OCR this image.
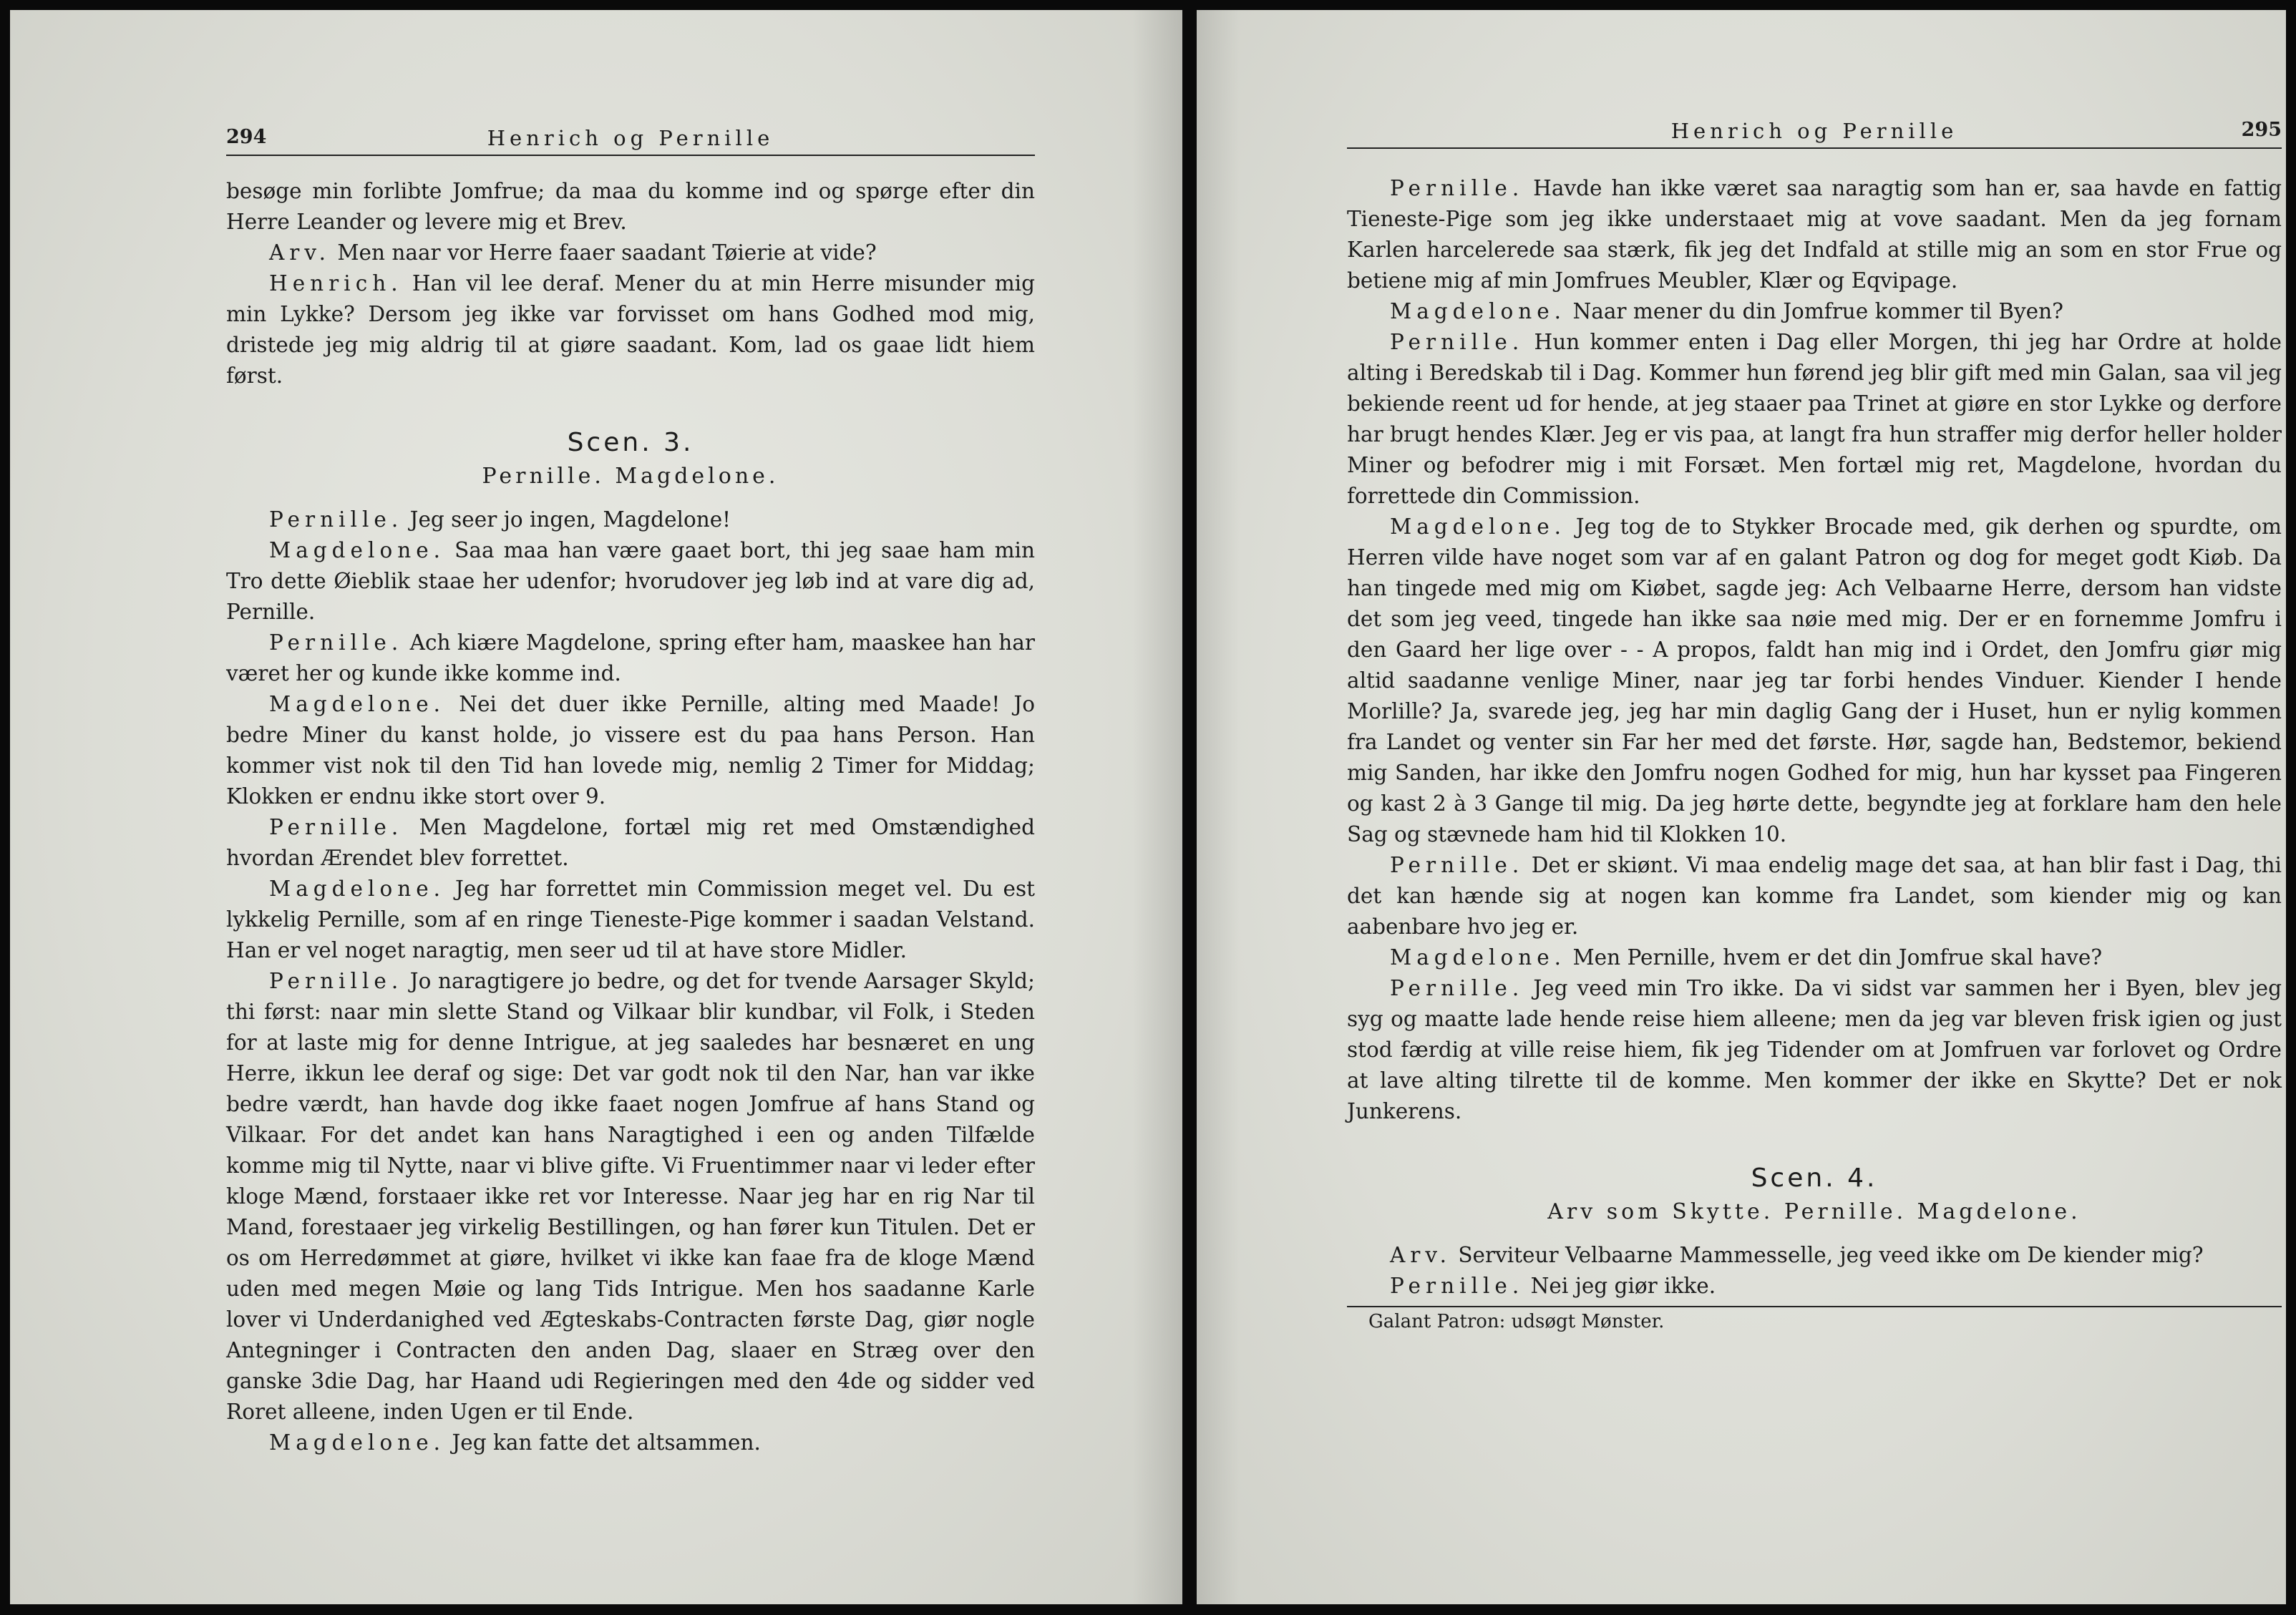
294	Henrich og Pernille

besøge min forlibte Jomfrue; da maa du komme ind og spørge efter din Herre Leander og levere mig et Brev.

Arv. Men naar vor Herre faaer saadant Tøierie at vide?

Henrich. Han vil lee deraf. Mener du at min Herre misunder mig min Lykke? Dersom jeg ikke var forvisset om hans Godhed mod mig, dristede jeg mig aldrig til at giøre saadant. Kom, lad os gaae lidt hiem først.

Scen. 3.
Pernille. Magdelone.

Pernille. Jeg seer jo ingen, Magdelone!

Magdelone. Saa maa han være gaaet bort, thi jeg saae ham min Tro dette Øieblik staae her udenfor; hvorudover jeg løb ind at vare dig ad, Pernille.

Pernille. Ach kiære Magdelone, spring efter ham, maaskee han har været her og kunde ikke komme ind.

Magdelone. Nei det duer ikke Pernille, alting med Maade! Jo bedre Miner du kanst holde, jo vissere est du paa hans Person. Han kommer vist nok til den Tid han lovede mig, nemlig 2 Timer for Middag; Klokken er endnu ikke stort over 9.

Pernille. Men Magdelone, fortæl mig ret med Omstændighed hvordan Ærendet blev forrettet.

Magdelone. Jeg har forrettet min Commission meget vel. Du est lykkelig Pernille, som af en ringe Tieneste-Pige kommer i saadan Velstand. Han er vel noget naragtig, men seer ud til at have store Midler.

Pernille. Jo naragtigere jo bedre, og det for tvende Aarsager Skyld; thi først: naar min slette Stand og Vilkaar blir kundbar, vil Folk, i Steden for at laste mig for denne Intrigue, at jeg saaledes har besnæret en ung Herre, ikkun lee deraf og sige: Det var godt nok til den Nar, han var ikke bedre værdt, han havde dog ikke faaet nogen Jomfrue af hans Stand og Vilkaar. For det andet kan hans Naragtighed i een og anden Tilfælde komme mig til Nytte, naar vi blive gifte. Vi Fruentimmer naar vi leder efter kloge Mænd, forstaaer ikke ret vor Interesse. Naar jeg har en rig Nar til Mand, forestaaer jeg virkelig Bestillingen, og han fører kun Titulen. Det er os om Herredømmet at giøre, hvilket vi ikke kan faae fra de kloge Mænd uden med megen Møie og lang Tids Intrigue. Men hos saadanne Karle lover vi Underdanighed ved Ægteskabs-Contracten første Dag, giør nogle Antegninger i Contracten den anden Dag, slaaer en Stræg over den ganske 3die Dag, har Haand udi Regieringen med den 4de og sidder ved Roret alleene, inden Ugen er til Ende.

Magdelone. Jeg kan fatte det altsammen.

Henrich og Pernille	295

Pernille. Havde han ikke været saa naragtig som han er, saa havde en fattig Tieneste-Pige som jeg ikke understaaet mig at vove saadant. Men da jeg fornam Karlen harcelerede saa stærk, fik jeg det Indfald at stille mig an som en stor Frue og betiene mig af min Jomfrues Meubler, Klær og Eqvipage.

Magdelone. Naar mener du din Jomfrue kommer til Byen?

Pernille. Hun kommer enten i Dag eller Morgen, thi jeg har Ordre at holde alting i Beredskab til i Dag. Kommer hun førend jeg blir gift med min Galan, saa vil jeg bekiende reent ud for hende, at jeg staaer paa Trinet at giøre en stor Lykke og derfore har brugt hendes Klær. Jeg er vis paa, at langt fra hun straffer mig derfor heller holder Miner og befodrer mig i mit Forsæt. Men fortæl mig ret, Magdelone, hvordan du forrettede din Commission.

Magdelone. Jeg tog de to Stykker Brocade med, gik derhen og spurdte, om Herren vilde have noget som var af en galant Patron og dog for meget godt Kiøb. Da han tingede med mig om Kiøbet, sagde jeg: Ach Velbaarne Herre, dersom han vidste det som jeg veed, tingede han ikke saa nøie med mig. Der er en fornemme Jomfru i den Gaard her lige over - - A propos, faldt han mig ind i Ordet, den Jomfru giør mig altid saadanne venlige Miner, naar jeg tar forbi hendes Vinduer. Kiender I hende Morlille? Ja, svarede jeg, jeg har min daglig Gang der i Huset, hun er nylig kommen fra Landet og venter sin Far her med det første. Hør, sagde han, Bedstemor, bekiend mig Sanden, har ikke den Jomfru nogen Godhed for mig, hun har kysset paa Fingeren og kast 2 à 3 Gange til mig. Da jeg hørte dette, begyndte jeg at forklare ham den hele Sag og stævnede ham hid til Klokken 10.

Pernille. Det er skiønt. Vi maa endelig mage det saa, at han blir fast i Dag, thi det kan hænde sig at nogen kan komme fra Landet, som kiender mig og kan aabenbare hvo jeg er.

Magdelone. Men Pernille, hvem er det din Jomfrue skal have?

Pernille. Jeg veed min Tro ikke. Da vi sidst var sammen her i Byen, blev jeg syg og maatte lade hende reise hiem alleene; men da jeg var bleven frisk igien og just stod færdig at ville reise hiem, fik jeg Tidender om at Jomfruen var forlovet og Ordre at lave alting tilrette til de komme. Men kommer der ikke en Skytte? Det er nok Junkerens.

Scen. 4.
Arv som Skytte. Pernille. Magdelone.

Arv. Serviteur Velbaarne Mammesselle, jeg veed ikke om De kiender mig?

Pernille. Nei jeg giør ikke.

Galant Patron: udsøgt Mønster.
